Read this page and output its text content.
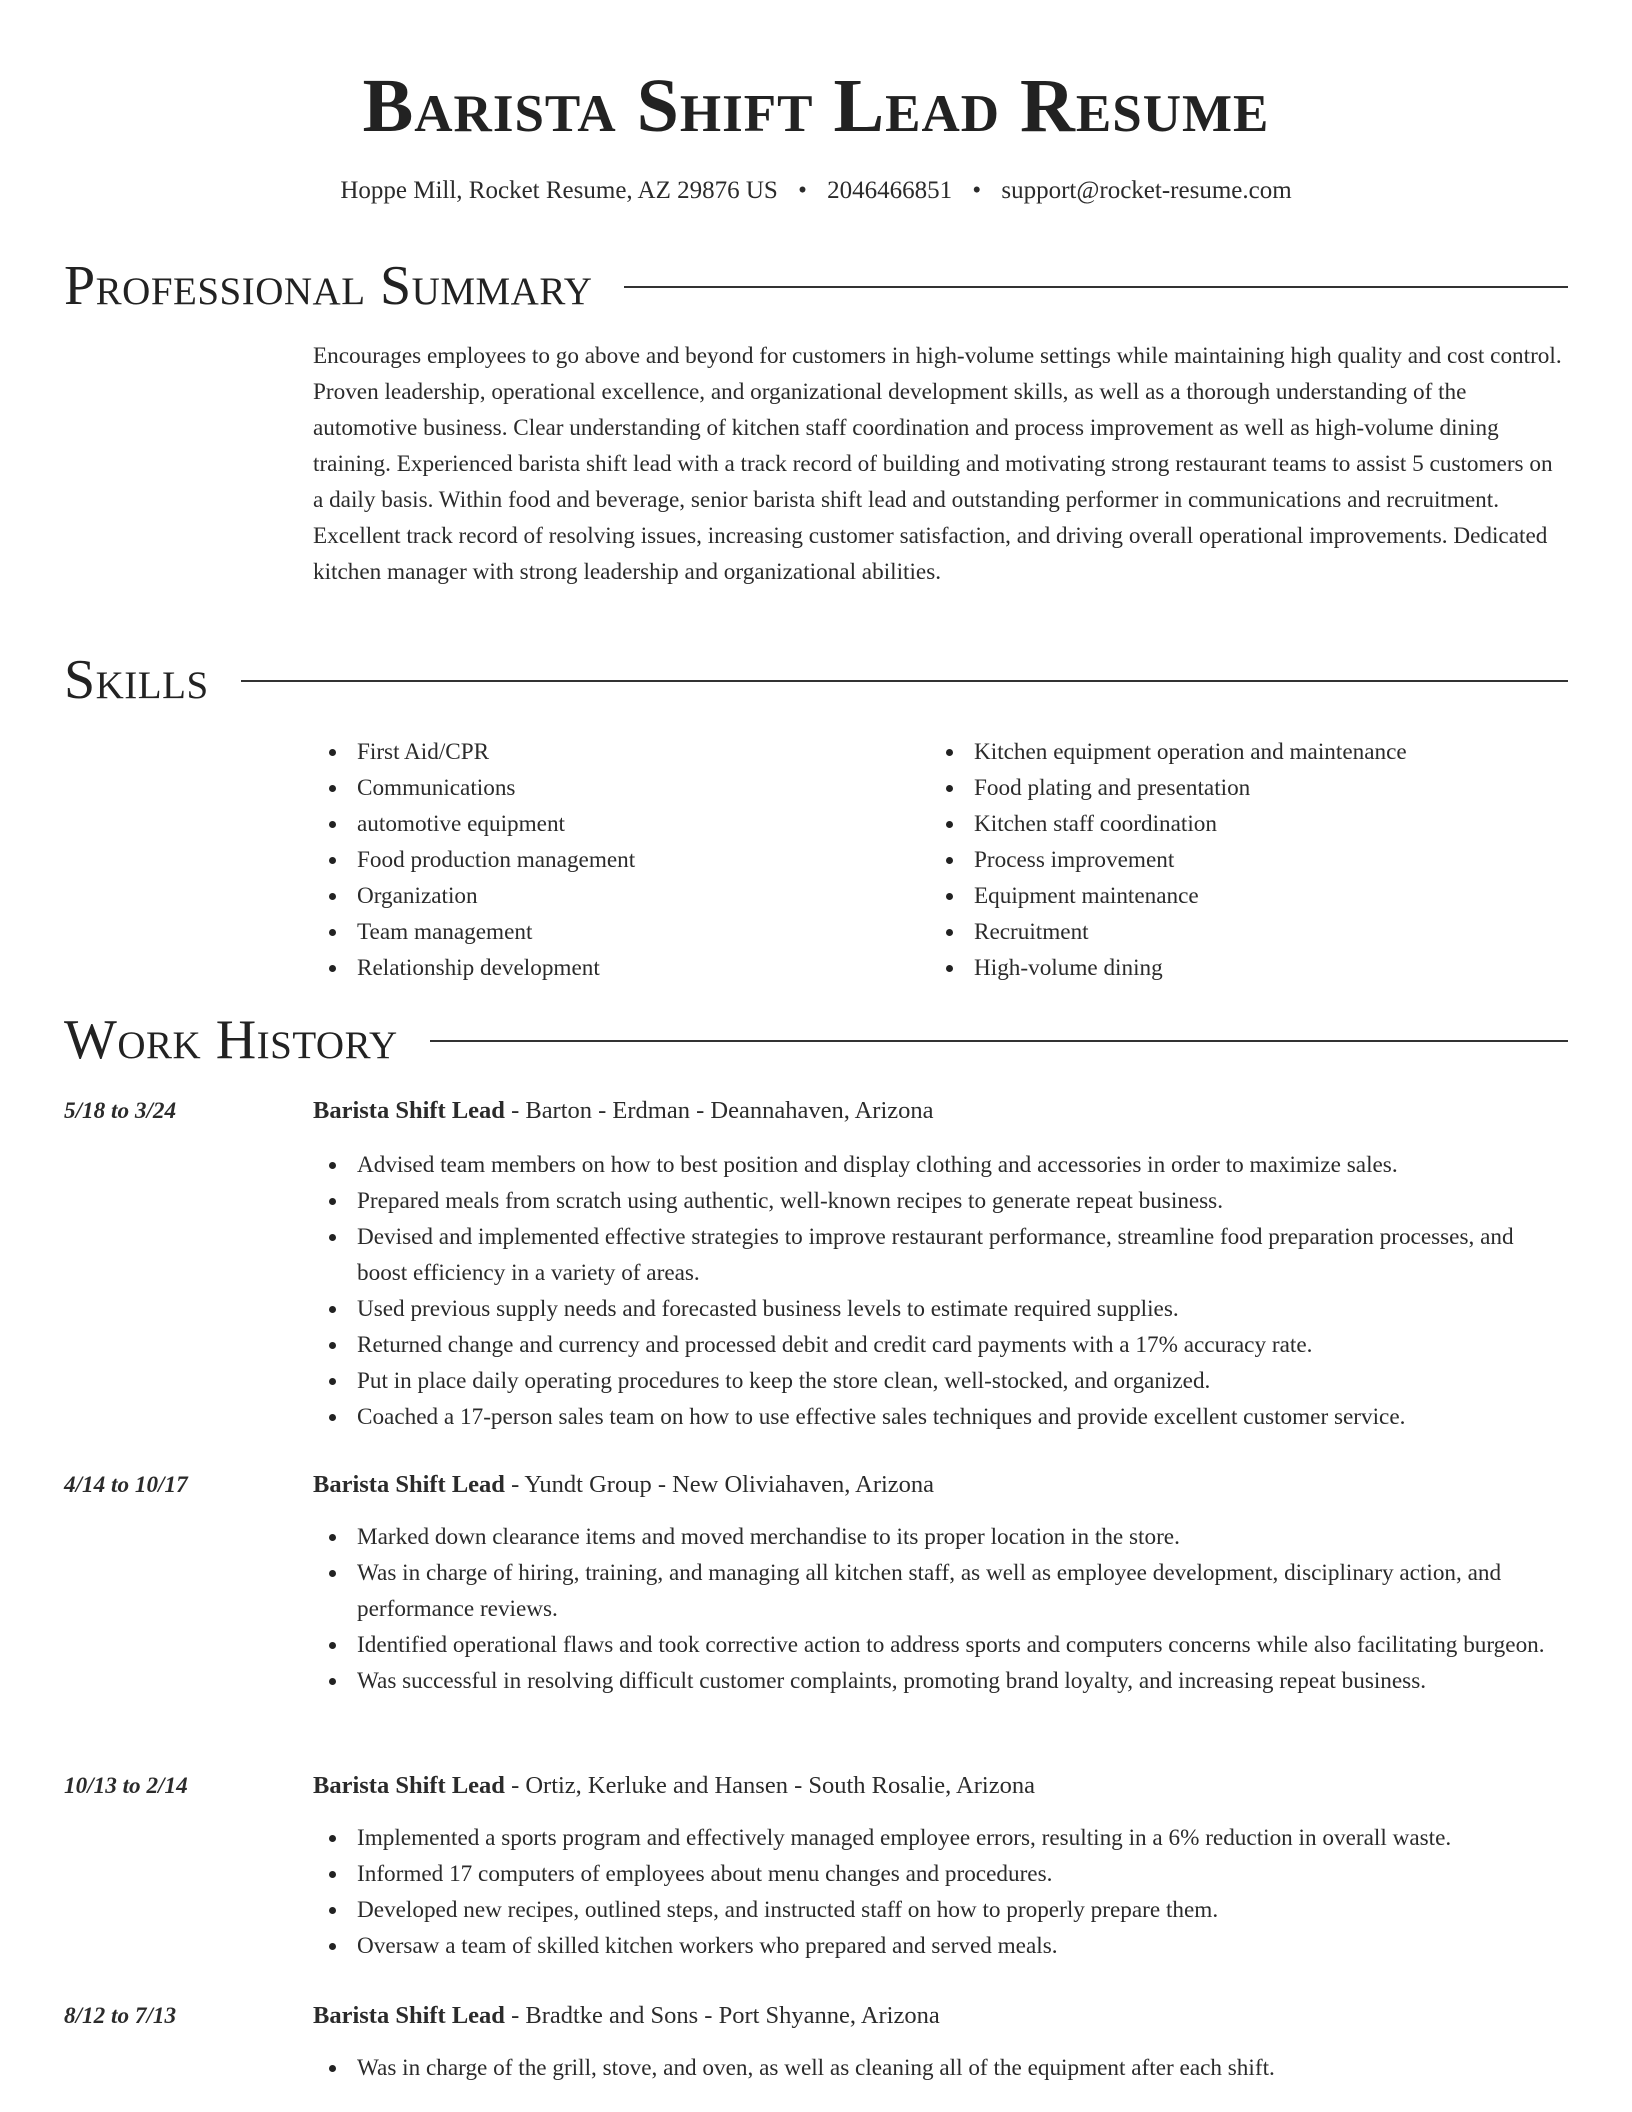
Barista Shift Lead Resume
Hoppe Mill, Rocket Resume, AZ 29876 US • 2046466851 • support@rocket-resume.com
Professional Summary

Encourages employees to go above and beyond for customers in high-volume settings while maintaining high quality and cost control. Proven leadership, operational excellence, and organizational development skills, as well as a thorough understanding of the automotive business. Clear understanding of kitchen staff coordination and process improvement as well as high-volume dining training. Experienced barista shift lead with a track record of building and motivating strong restaurant teams to assist 5 customers on a daily basis. Within food and beverage, senior barista shift lead and outstanding performer in communications and recruitment. Excellent track record of resolving issues, increasing customer satisfaction, and driving overall operational improvements. Dedicated kitchen manager with strong leadership and organizational abilities.

Skills
First Aid/CPR
Communications
automotive equipment
Food production management
Organization
Team management
Relationship development
Kitchen equipment operation and maintenance
Food plating and presentation
Kitchen staff coordination
Process improvement
Equipment maintenance
Recruitment
High-volume dining
Work History
5/18 to 3/24	Barista Shift Lead - Barton - Erdman - Deannahaven, Arizona
Advised team members on how to best position and display clothing and accessories in order to maximize sales.
Prepared meals from scratch using authentic, well-known recipes to generate repeat business.
Devised and implemented effective strategies to improve restaurant performance, streamline food preparation processes, and boost efficiency in a variety of areas.
Used previous supply needs and forecasted business levels to estimate required supplies.
Returned change and currency and processed debit and credit card payments with a 17% accuracy rate.
Put in place daily operating procedures to keep the store clean, well-stocked, and organized.
Coached a 17-person sales team on how to use effective sales techniques and provide excellent customer service.
4/14 to 10/17	Barista Shift Lead - Yundt Group - New Oliviahaven, Arizona
Marked down clearance items and moved merchandise to its proper location in the store.
Was in charge of hiring, training, and managing all kitchen staff, as well as employee development, disciplinary action, and performance reviews.
Identified operational flaws and took corrective action to address sports and computers concerns while also facilitating burgeon.
Was successful in resolving difficult customer complaints, promoting brand loyalty, and increasing repeat business.
10/13 to 2/14	Barista Shift Lead - Ortiz, Kerluke and Hansen - South Rosalie, Arizona
Implemented a sports program and effectively managed employee errors, resulting in a 6% reduction in overall waste.
Informed 17 computers of employees about menu changes and procedures.
Developed new recipes, outlined steps, and instructed staff on how to properly prepare them.
Oversaw a team of skilled kitchen workers who prepared and served meals.
8/12 to 7/13	Barista Shift Lead - Bradtke and Sons - Port Shyanne, Arizona
Was in charge of the grill, stove, and oven, as well as cleaning all of the equipment after each shift.
